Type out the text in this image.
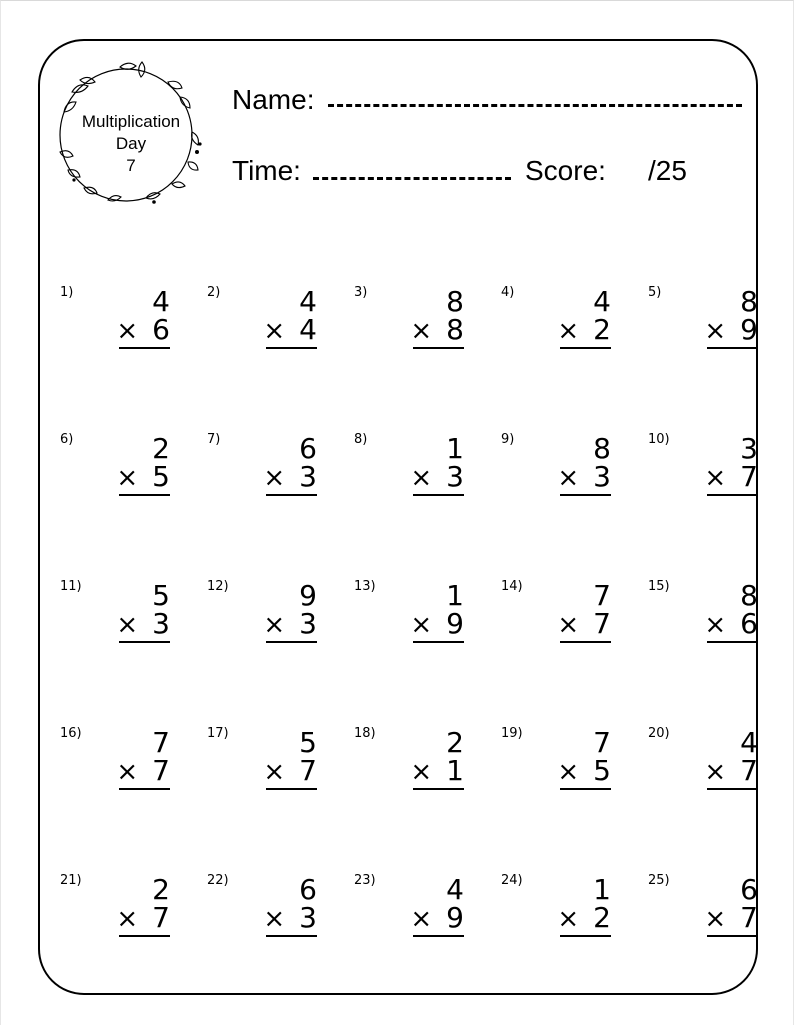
Multiplication
Day
7
Name:
Time:	Score: /25
1)	4
× 6
2)	4
× 4
3)	8
× 8
4)	4
× 2
5)	8
× 9
6)	2
× 5
7)	6
× 3
8)	1
× 3
9)	8
× 3
10)	3
× 7
11)	5
× 3
12)	9
× 3
13)	1
× 9
14)	7
× 7
15)	8
× 6
16)	7
× 7
17)	5
× 7
18)	2
× 1
19)	7
× 5
20)	4
× 7
21)	2
× 7
22)	6
× 3
23)	4
× 9
24)	1
× 2
25)	6
× 7
